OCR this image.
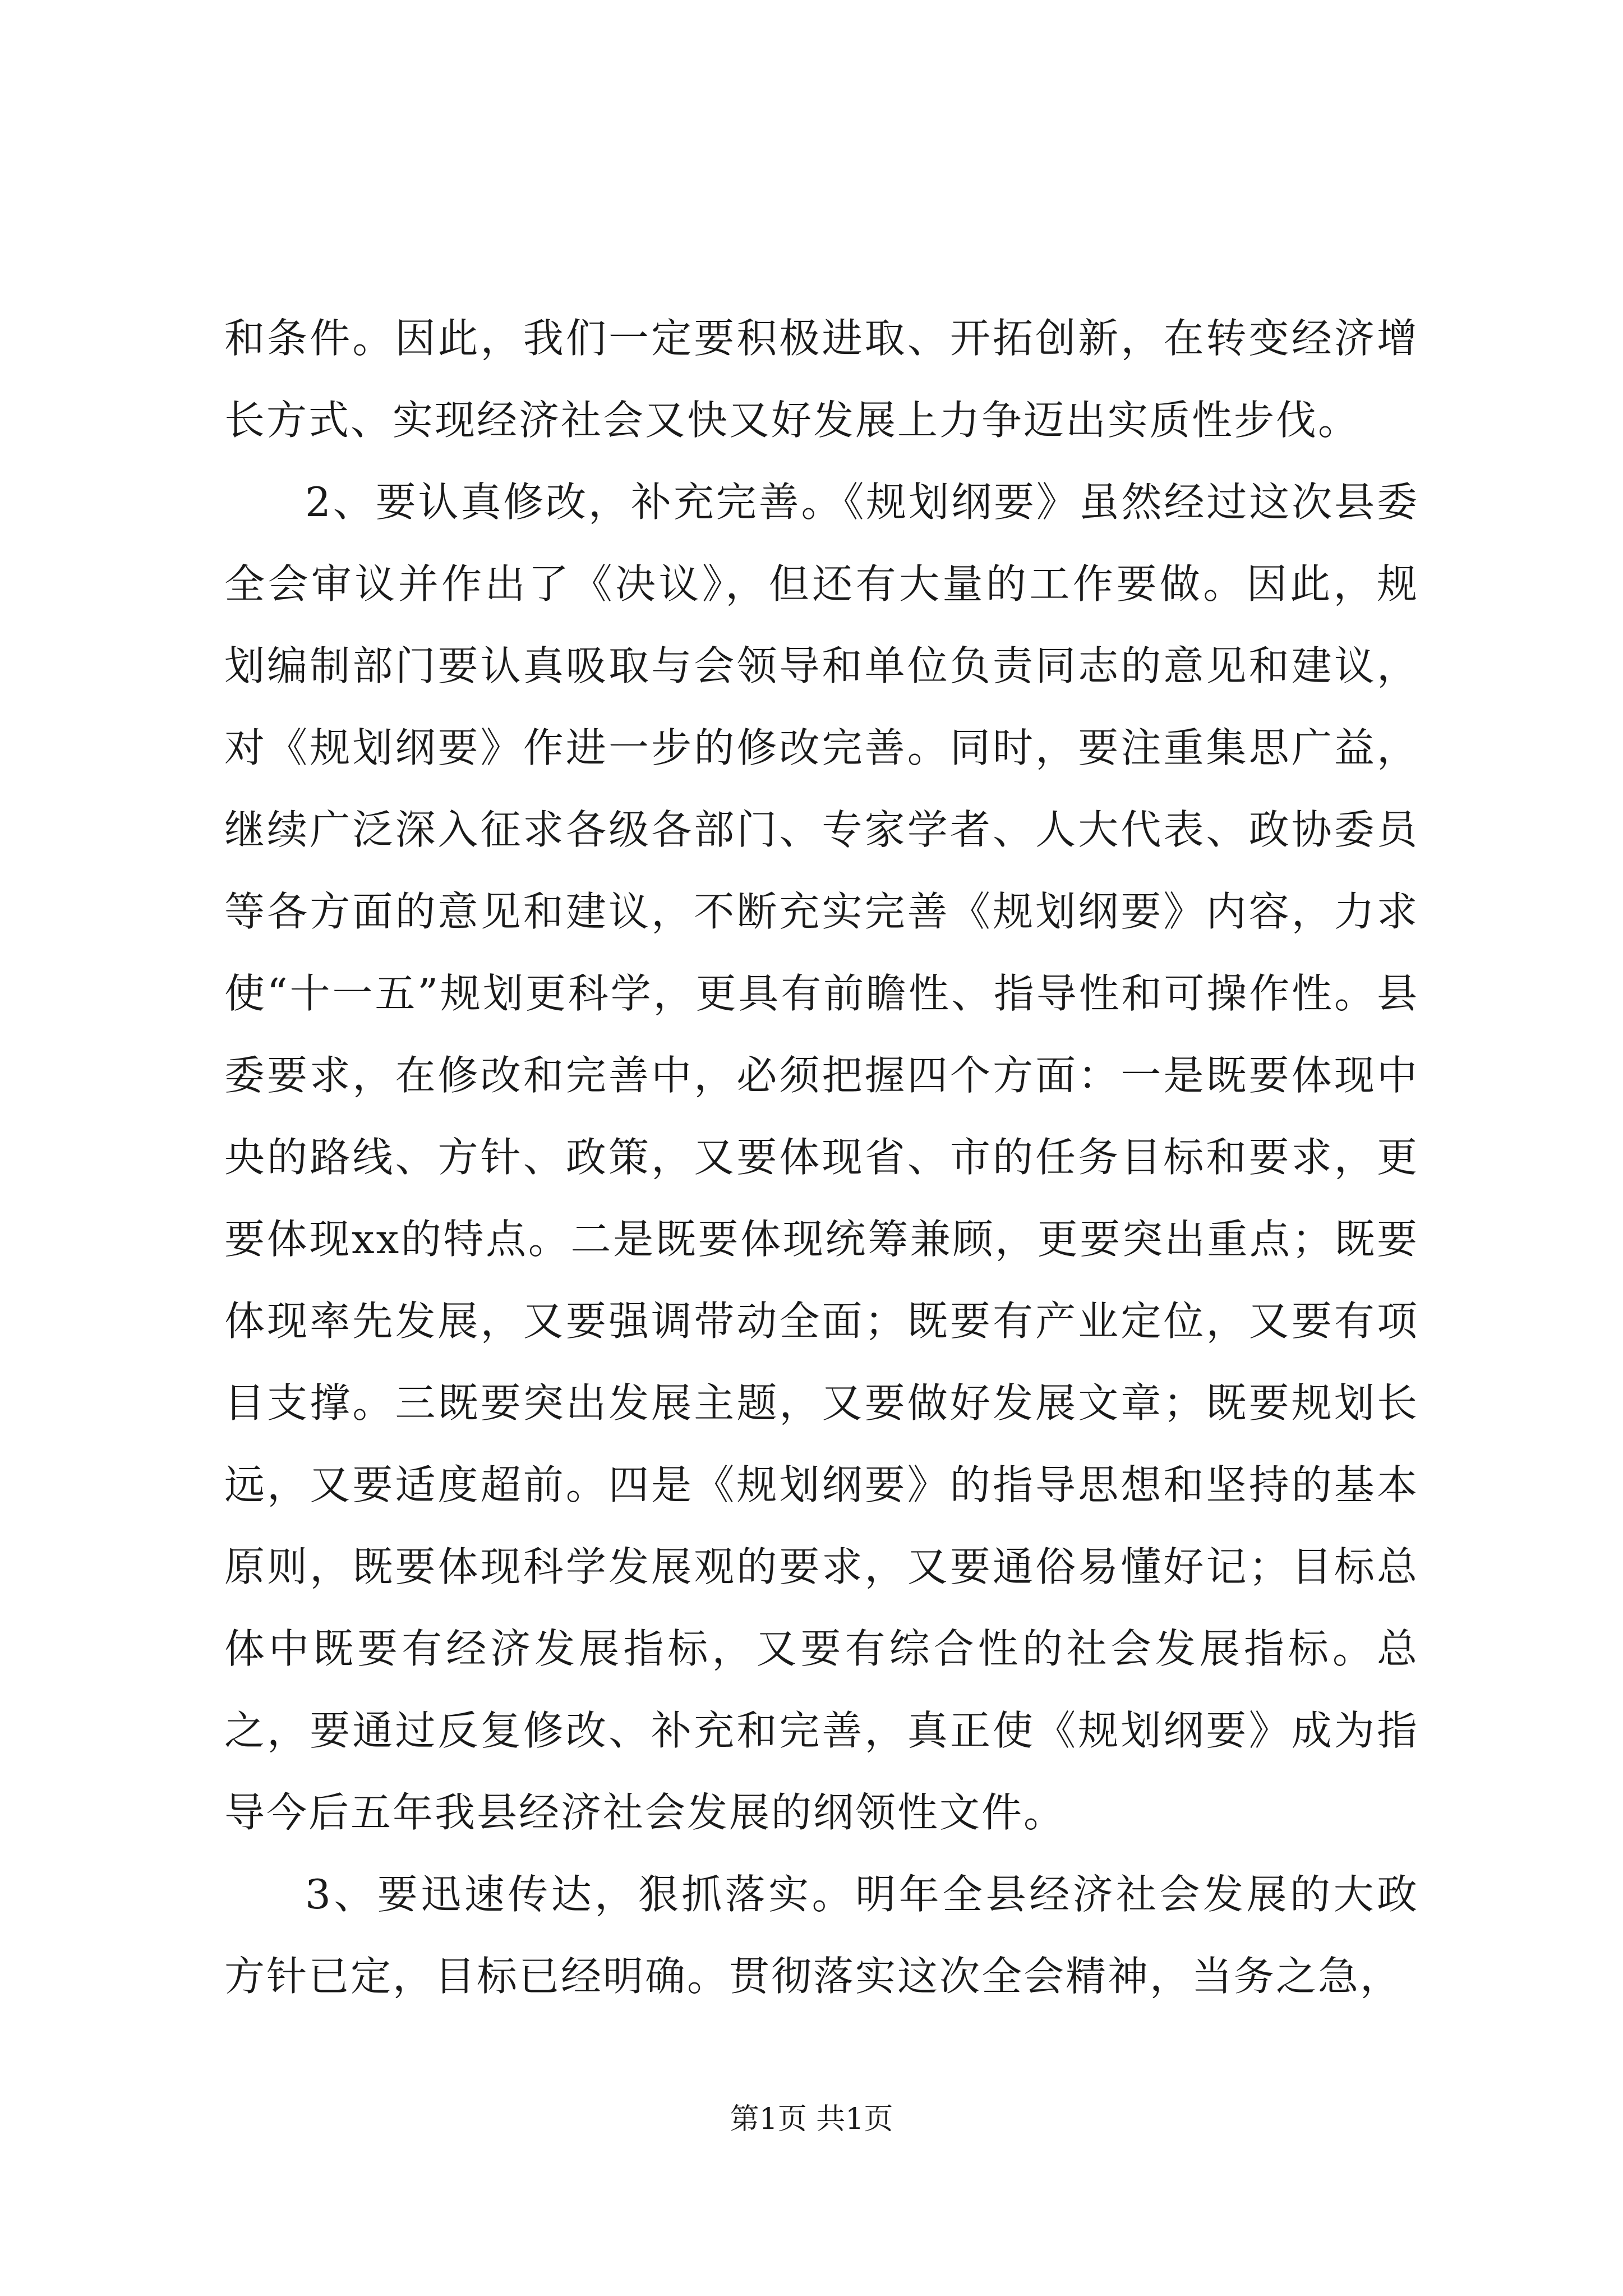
和条件。因此，我们一定要积极进取、开拓创新，在转变经济增长方式、实现经济社会又快又好发展上力争迈出实质性步伐。

2、要认真修改，补充完善。《规划纲要》虽然经过这次县委全会审议并作出了《决议》，但还有大量的工作要做。因此，规划编制部门要认真吸取与会领导和单位负责同志的意见和建议，对《规划纲要》作进一步的修改完善。同时，要注重集思广益，继续广泛深入征求各级各部门、专家学者、人大代表、政协委员等各方面的意见和建议，不断充实完善《规划纲要》内容，力求使“十一五”规划更科学，更具有前瞻性、指导性和可操作性。县委要求，在修改和完善中，必须把握四个方面：一是既要体现中央的路线、方针、政策，又要体现省、市的任务目标和要求，更要体现xx的特点。二是既要体现统筹兼顾，更要突出重点；既要体现率先发展，又要强调带动全面；既要有产业定位，又要有项目支撑。三既要突出发展主题，又要做好发展文章；既要规划长远，又要适度超前。四是《规划纲要》的指导思想和坚持的基本原则，既要体现科学发展观的要求，又要通俗易懂好记；目标总体中既要有经济发展指标，又要有综合性的社会发展指标。总之，要通过反复修改、补充和完善，真正使《规划纲要》成为指导今后五年我县经济社会发展的纲领性文件。

3、要迅速传达，狠抓落实。明年全县经济社会发展的大政方针已定，目标已经明确。贯彻落实这次全会精神，当务之急，

第1页 共1页
